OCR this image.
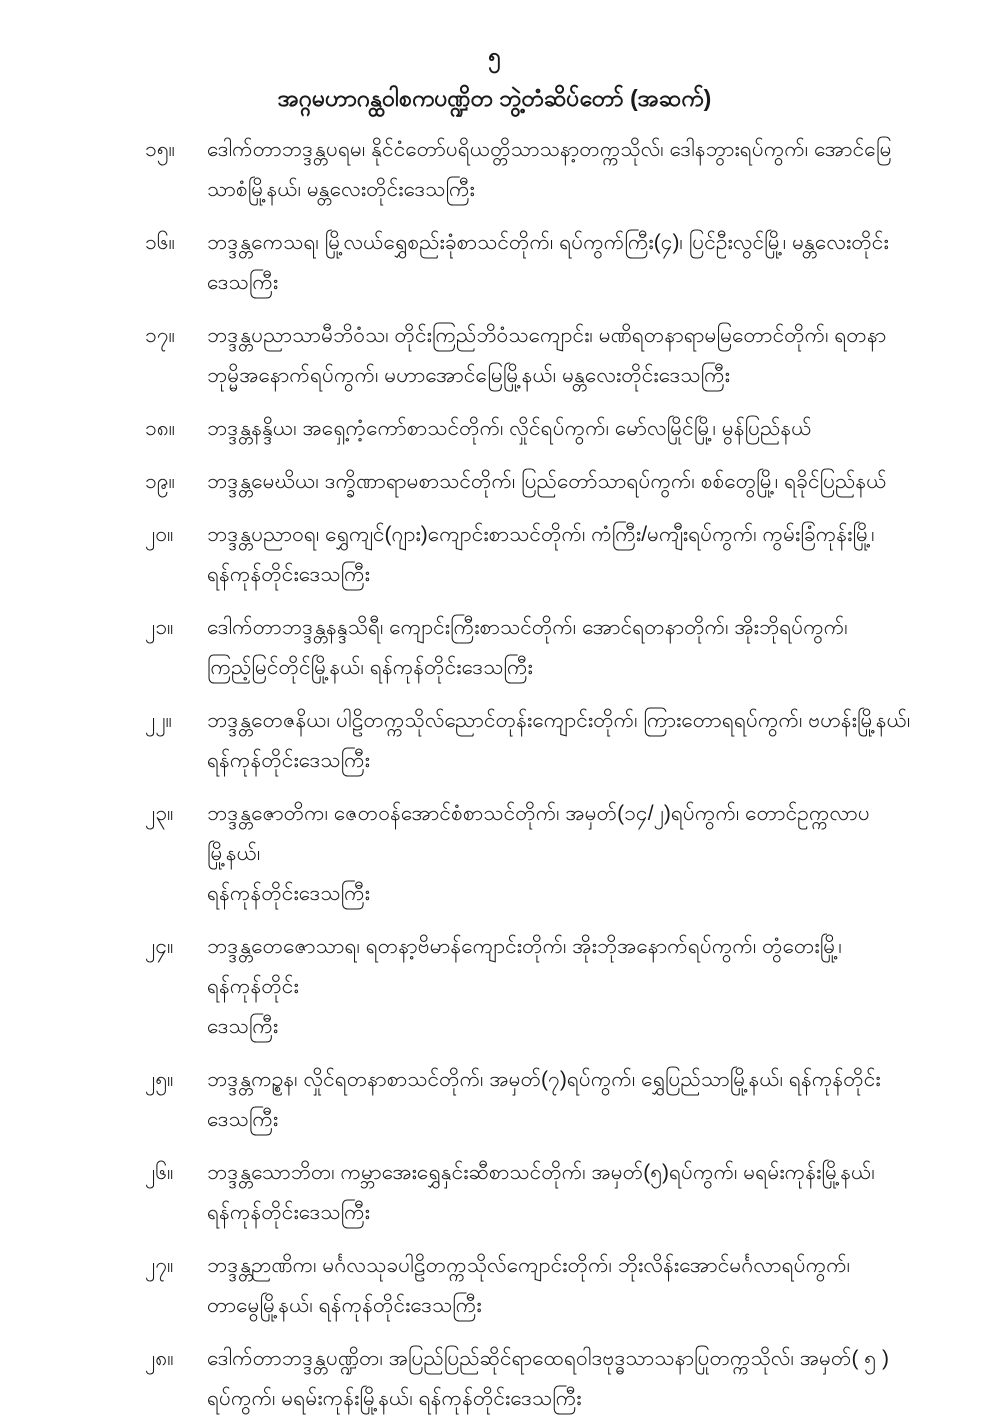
၅
အဂ္ဂမဟာဂန္ထဝါစကပဏ္ဍိတ ဘွဲ့တံဆိပ်တော် (အဆက်)
၁၅။	ဒေါက်တာဘဒ္ဒန္တပရမ၊ နိုင်ငံတော်ပရိယတ္တိသာသနာ့တက္ကသိုလ်၊ ဒေါနဘွားရပ်ကွက်၊ အောင်မြေ
သာစံမြို့နယ်၊ မန္တလေးတိုင်းဒေသကြီး
၁၆။	ဘဒ္ဒန္တကေသရ၊ မြို့လယ်ရွှေစည်းခုံစာသင်တိုက်၊ ရပ်ကွက်ကြီး(၄)၊ ပြင်ဦးလွင်မြို့၊ မန္တလေးတိုင်း
ဒေသကြီး
၁၇။	ဘဒ္ဒန္တပညာသာမီဘိဝံသ၊ တိုင်းကြည်ဘိဝံသကျောင်း၊ မဏိရတနာရာမမြတောင်တိုက်၊ ရတနာ
ဘုမ္မိအနောက်ရပ်ကွက်၊ မဟာအောင်မြေမြို့နယ်၊ မန္တလေးတိုင်းဒေသကြီး
၁၈။	ဘဒ္ဒန္တနန္ဒိယ၊ အရှေ့ကံ့ကော်စာသင်တိုက်၊ လှိုင်ရပ်ကွက်၊ မော်လမြိုင်မြို့၊ မွန်ပြည်နယ်
၁၉။	ဘဒ္ဒန္တမေဃိယ၊ ဒက္ခိဏာရာမစာသင်တိုက်၊ ပြည်တော်သာရပ်ကွက်၊ စစ်တွေမြို့၊ ရခိုင်ပြည်နယ်
၂၀။	ဘဒ္ဒန္တပညာဝရ၊ ရွှေကျင်(ဂျား)ကျောင်းစာသင်တိုက်၊ ကံကြီး/မကျီးရပ်ကွက်၊ ကွမ်းခြံကုန်းမြို့၊
ရန်ကုန်တိုင်းဒေသကြီး
၂၁။	ဒေါက်တာဘဒ္ဒန္တနန္ဒသိရီ၊ ကျောင်းကြီးစာသင်တိုက်၊ အောင်ရတနာတိုက်၊ အိုးဘိုရပ်ကွက်၊
ကြည့်မြင်တိုင်မြို့နယ်၊ ရန်ကုန်တိုင်းဒေသကြီး
၂၂။	ဘဒ္ဒန္တတေဇနိယ၊ ပါဠိတက္ကသိုလ်ညောင်တုန်းကျောင်းတိုက်၊ ကြားတောရရပ်ကွက်၊ ဗဟန်းမြို့နယ်၊
ရန်ကုန်တိုင်းဒေသကြီး
၂၃။	ဘဒ္ဒန္တဇောတိက၊ ဇေတဝန်အောင်စံစာသင်တိုက်၊ အမှတ်(၁၄/၂)ရပ်ကွက်၊ တောင်ဥက္ကလာပမြို့နယ်၊
ရန်ကုန်တိုင်းဒေသကြီး
၂၄။	ဘဒ္ဒန္တတေဇောသာရ၊ ရတနာ့ဗိမာန်ကျောင်းတိုက်၊ အိုးဘိုအနောက်ရပ်ကွက်၊ တွံတေးမြို့၊ ရန်ကုန်တိုင်း
ဒေသကြီး
၂၅။	ဘဒ္ဒန္တကဉ္စန၊ လှိုင်ရတနာစာသင်တိုက်၊ အမှတ်(၇)ရပ်ကွက်၊ ရွှေပြည်သာမြို့နယ်၊ ရန်ကုန်တိုင်း
ဒေသကြီး
၂၆။	ဘဒ္ဒန္တသောဘိတ၊ ကမ္ဘာအေးရွှေနှင်းဆီစာသင်တိုက်၊ အမှတ်(၅)ရပ်ကွက်၊ မရမ်းကုန်းမြို့နယ်၊
ရန်ကုန်တိုင်းဒေသကြီး
၂၇။	ဘဒ္ဒန္တဉာဏိက၊ မင်္ဂလသုခပါဠိတက္ကသိုလ်ကျောင်းတိုက်၊ ဘိုးလိန်းအောင်မင်္ဂလာရပ်ကွက်၊
တာမွေမြို့နယ်၊ ရန်ကုန်တိုင်းဒေသကြီး
၂၈။	ဒေါက်တာဘဒ္ဒန္တပဏ္ဍိတ၊ အပြည်ပြည်ဆိုင်ရာထေရဝါဒဗုဒ္ဓသာသနာပြုတက္ကသိုလ်၊ အမှတ်( ၅ )
ရပ်ကွက်၊ မရမ်းကုန်းမြို့နယ်၊ ရန်ကုန်တိုင်းဒေသကြီး
